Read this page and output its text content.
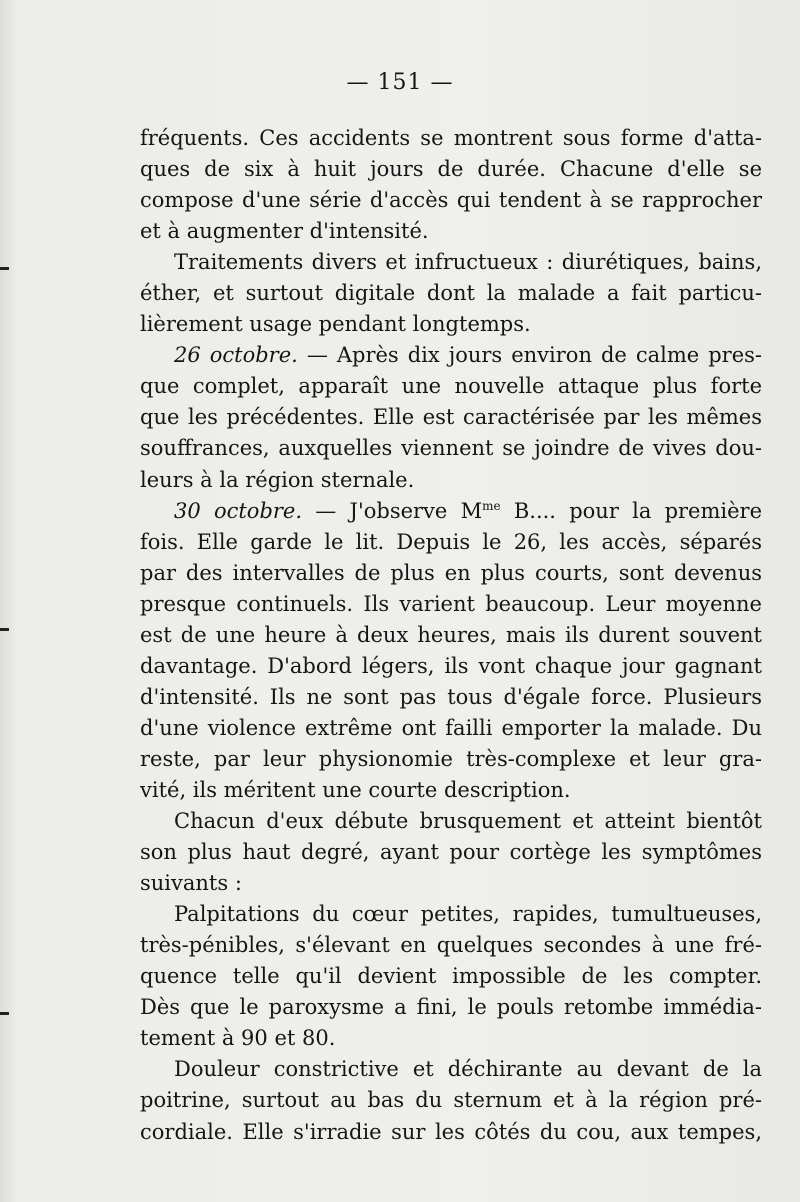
— 151 —
fréquents. Ces accidents se montrent sous forme d'atta-
ques de six à huit jours de durée. Chacune d'elle se
compose d'une série d'accès qui tendent à se rapprocher
et à augmenter d'intensité.
Traitements divers et infructueux : diurétiques, bains,
éther, et surtout digitale dont la malade a fait particu-
lièrement usage pendant longtemps.
26 octobre. — Après dix jours environ de calme pres-
que complet, apparaît une nouvelle attaque plus forte
que les précédentes. Elle est caractérisée par les mêmes
souffrances, auxquelles viennent se joindre de vives dou-
leurs à la région sternale.
30 octobre. — J'observe $M^{me}$ B.... pour la première
fois. Elle garde le lit. Depuis le 26, les accès, séparés
par des intervalles de plus en plus courts, sont devenus
presque continuels. Ils varient beaucoup. Leur moyenne
est de une heure à deux heures, mais ils durent souvent
davantage. D'abord légers, ils vont chaque jour gagnant
d'intensité. Ils ne sont pas tous d'égale force. Plusieurs
d'une violence extrême ont failli emporter la malade. Du
reste, par leur physionomie très-complexe et leur gra-
vité, ils méritent une courte description.
Chacun d'eux débute brusquement et atteint bientôt
son plus haut degré, ayant pour cortège les symptômes
suivants :
Palpitations du cœur petites, rapides, tumultueuses,
très-pénibles, s'élevant en quelques secondes à une fré-
quence telle qu'il devient impossible de les compter.
Dès que le paroxysme a fini, le pouls retombe immédia-
tement à 90 et 80.
Douleur constrictive et déchirante au devant de la
poitrine, surtout au bas du sternum et à la région pré-
cordiale. Elle s'irradie sur les côtés du cou, aux tempes,
